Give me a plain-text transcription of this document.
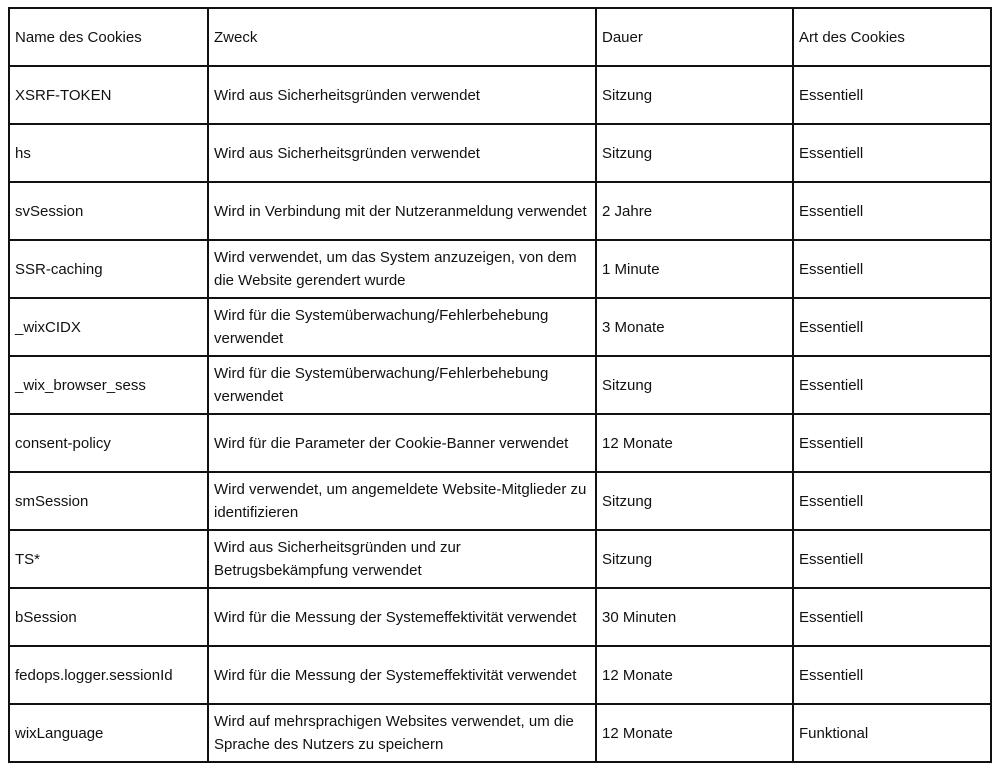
Name des Cookies	Zweck	Dauer	Art des Cookies
XSRF-TOKEN	Wird aus Sicherheitsgründen verwendet	Sitzung	Essentiell
hs	Wird aus Sicherheitsgründen verwendet	Sitzung	Essentiell
svSession	Wird in Verbindung mit der Nutzeranmeldung verwendet	2 Jahre	Essentiell
SSR-caching	Wird verwendet, um das System anzuzeigen, von dem die Website gerendert wurde	1 Minute	Essentiell
_wixCIDX	Wird für die Systemüberwachung/Fehlerbehebung verwendet	3 Monate	Essentiell
_wix_browser_sess	Wird für die Systemüberwachung/Fehlerbehebung verwendet	Sitzung	Essentiell
consent-policy	Wird für die Parameter der Cookie-Banner verwendet	12 Monate	Essentiell
smSession	Wird verwendet, um angemeldete Website-Mitglieder zu identifizieren	Sitzung	Essentiell
TS*	Wird aus Sicherheitsgründen und zur Betrugsbekämpfung verwendet	Sitzung	Essentiell
bSession	Wird für die Messung der Systemeffektivität verwendet	30 Minuten	Essentiell
fedops.logger.sessionId	Wird für die Messung der Systemeffektivität verwendet	12 Monate	Essentiell
wixLanguage	Wird auf mehrsprachigen Websites verwendet, um die Sprache des Nutzers zu speichern	12 Monate	Funktional
